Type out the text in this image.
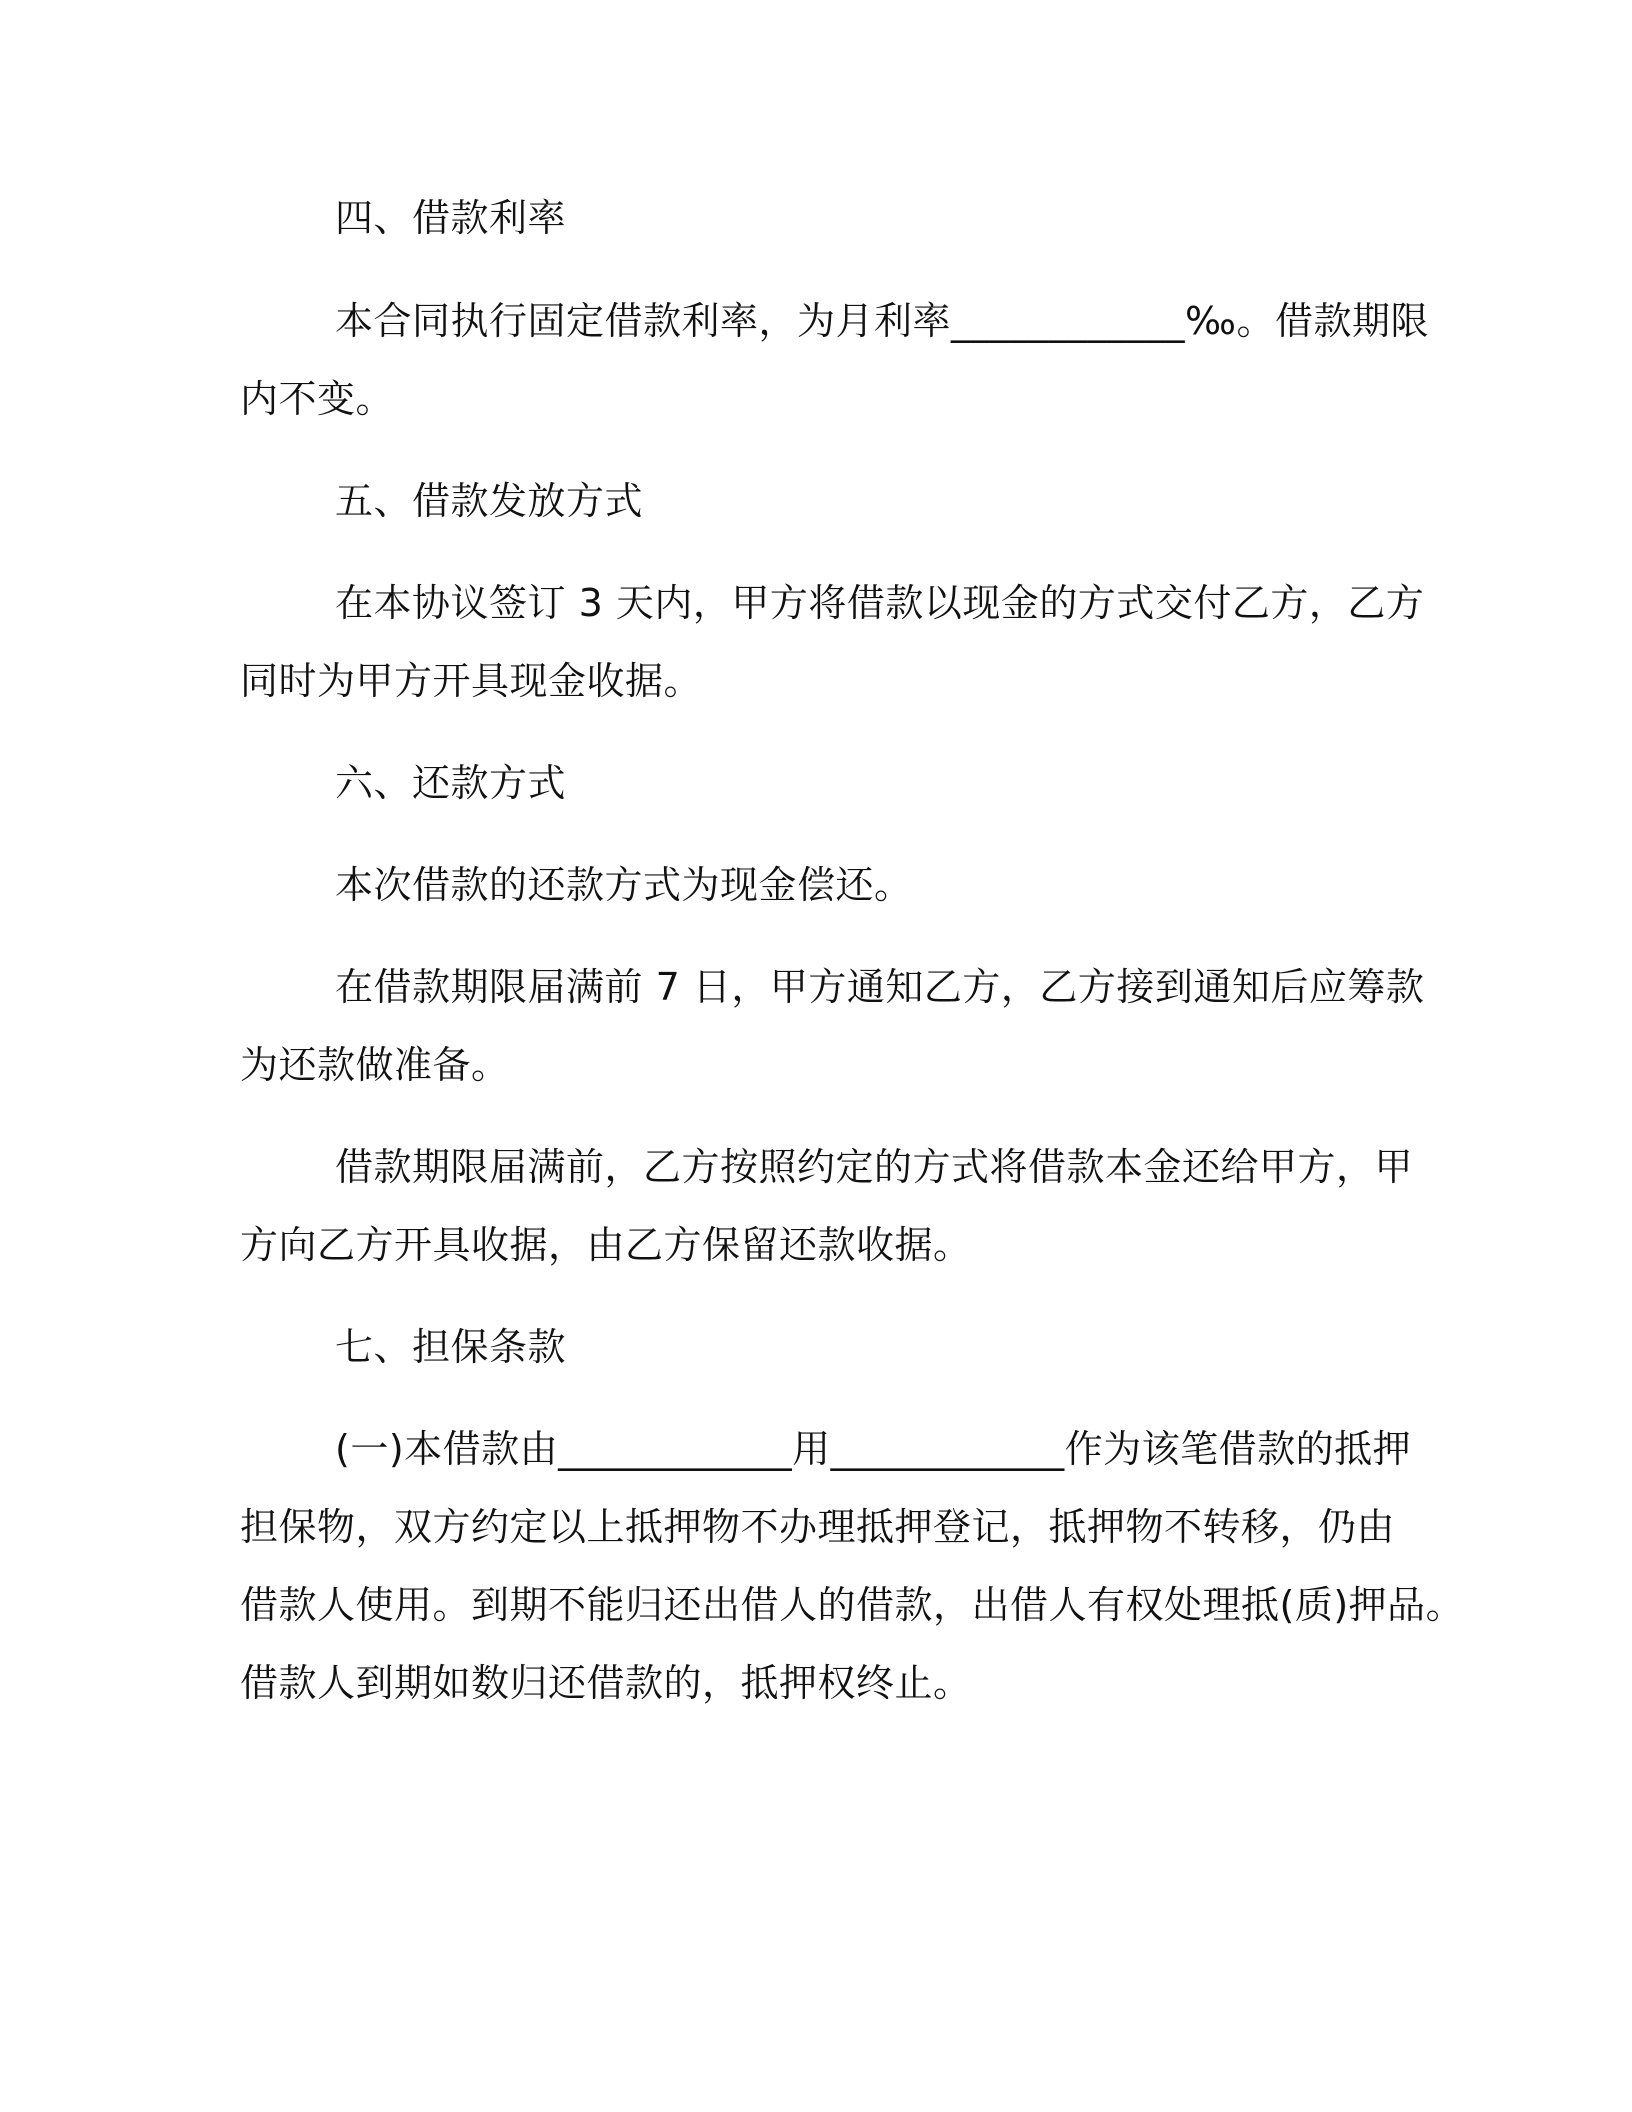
四、借款利率
本合同执行固定借款利率，为月利率____________‰。借款期限
内不变。
五、借款发放方式
在本协议签订 3 天内，甲方将借款以现金的方式交付乙方，乙方
同时为甲方开具现金收据。
六、还款方式
本次借款的还款方式为现金偿还。
在借款期限届满前 7 日，甲方通知乙方，乙方接到通知后应筹款
为还款做准备。
借款期限届满前，乙方按照约定的方式将借款本金还给甲方，甲
方向乙方开具收据，由乙方保留还款收据。
七、担保条款
(一)本借款由____________用____________作为该笔借款的抵押
担保物，双方约定以上抵押物不办理抵押登记，抵押物不转移，仍由
借款人使用。到期不能归还出借人的借款，出借人有权处理抵(质)押品。
借款人到期如数归还借款的，抵押权终止。
